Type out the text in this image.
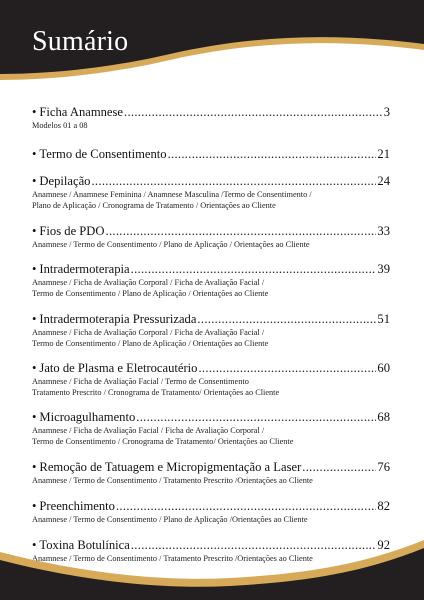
Sumário
• Ficha Anamnese .....	3
Modelos 01 a 08
• Termo de Consentimento .....	21
• Depilação .....	24
Anamnese / Anamnese Feminina / Anamnese Masculina /Termo de Consentimento /
Plano de Aplicação / Cronograma de Tratamento / Orientações ao Cliente
• Fios de PDO .....	33
Anamnese / Termo de Consentimento / Plano de Aplicação / Orientações ao Cliente
• Intradermoterapia .....	39
Anamnese / Ficha de Avaliação Corporal / Ficha de Avaliação Facial /
Termo de Consentimento / Plano de Aplicação / Orientações ao Cliente
• Intradermoterapia Pressurizada .....	51
Anamnese / Ficha de Avaliação Corporal / Ficha de Avaliação Facial /
Termo de Consentimento / Plano de Aplicação / Orientações ao Cliente
• Jato de Plasma e Eletrocautério .....	60
Anamnese / Ficha de Avaliação Facial / Termo de Consentimento
Tratamento Prescrito / Cronograma de Tratamento/ Orientações ao Cliente
• Microagulhamento .....	68
Anamnese / Ficha de Avaliação Facial / Ficha de Avaliação Corporal /
Termo de Consentimento / Cronograma de Tratamento/ Orientações ao Cliente
• Remoção de Tatuagem e Micropigmentação a Laser .....	76
Anamnese / Termo de Consentimento / Tratamento Prescrito /Orientações ao Cliente
• Preenchimento .....	82
Anamnese / Termo de Consentimento / Plano de Aplicação /Orientações ao Cliente
• Toxina Botulínica .....	92
Anamnese / Termo de Consentimento / Tratamento Prescrito /Orientações ao Cliente
